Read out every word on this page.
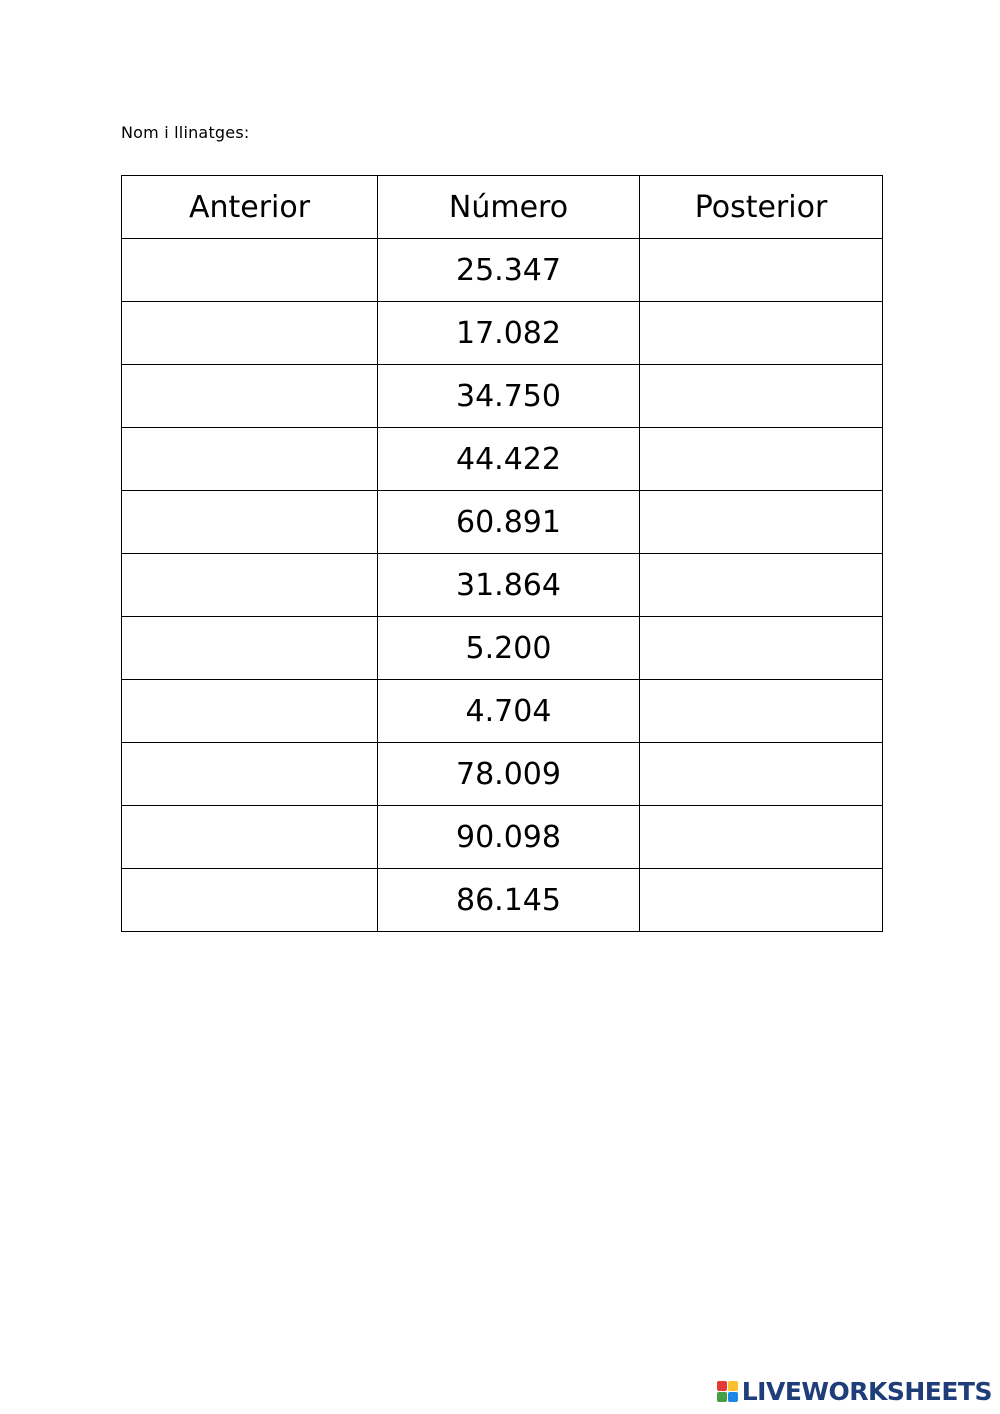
Nom i llinatges:
Anterior	Número	Posterior
	25.347	
	17.082	
	34.750	
	44.422	
	60.891	
	31.864	
	5.200	
	4.704	
	78.009	
	90.098	
	86.145	
LIVEWORKSHEETS
